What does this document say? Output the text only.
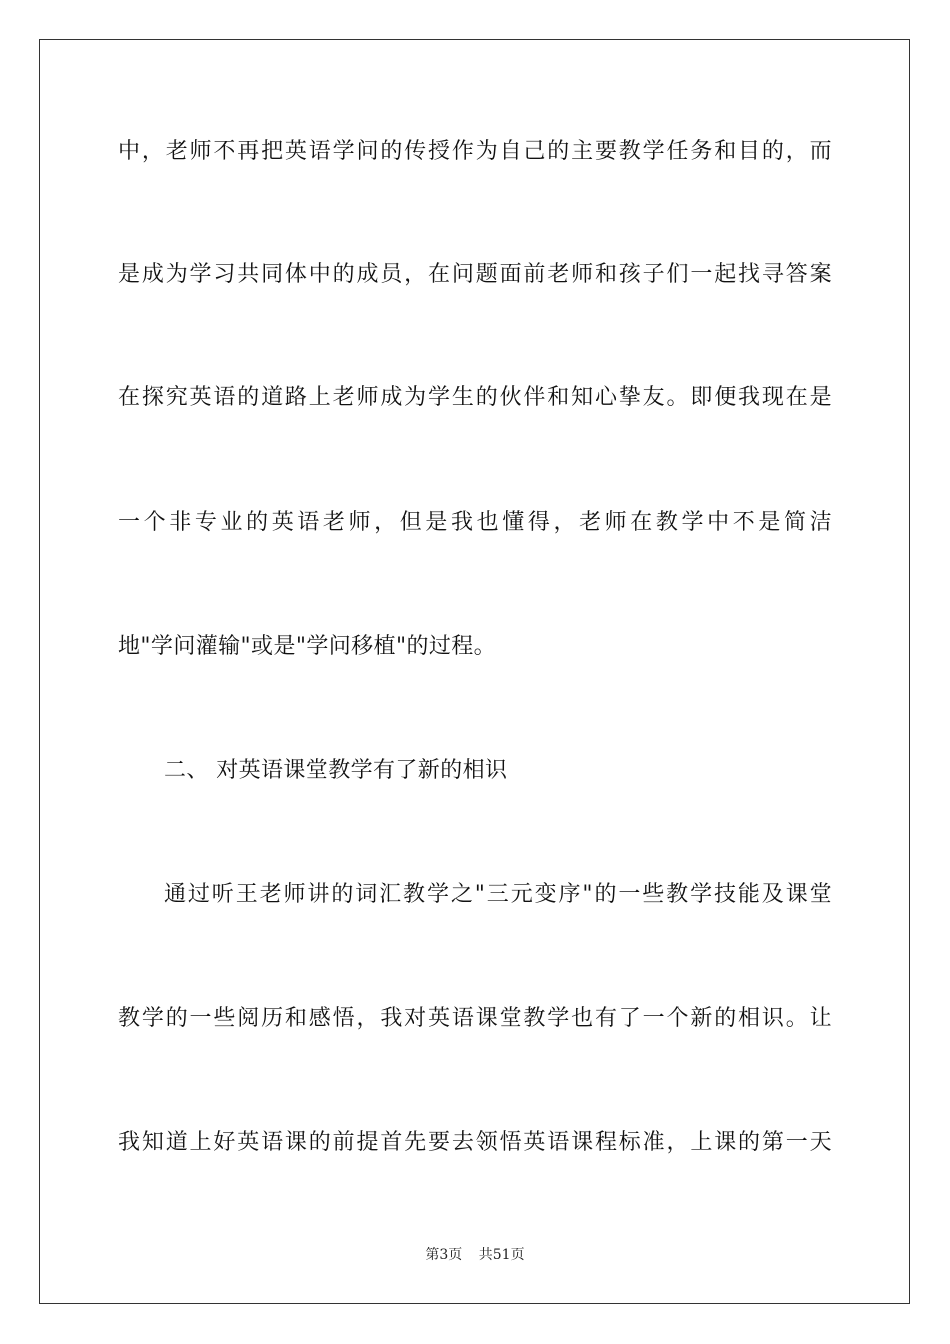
中，老师不再把英语学问的传授作为自己的主要教学任务和目的，而
是成为学习共同体中的成员，在问题面前老师和孩子们一起找寻答案
在探究英语的道路上老师成为学生的伙伴和知心挚友。即便我现在是
一个非专业的英语老师，但是我也懂得，老师在教学中不是简洁
地"学问灌输"或是"学问移植"的过程。
二、 对英语课堂教学有了新的相识
通过听王老师讲的词汇教学之"三元变序"的一些教学技能及课堂
教学的一些阅历和感悟，我对英语课堂教学也有了一个新的相识。让
我知道上好英语课的前提首先要去领悟英语课程标准，上课的第一天
第3页 共51页
